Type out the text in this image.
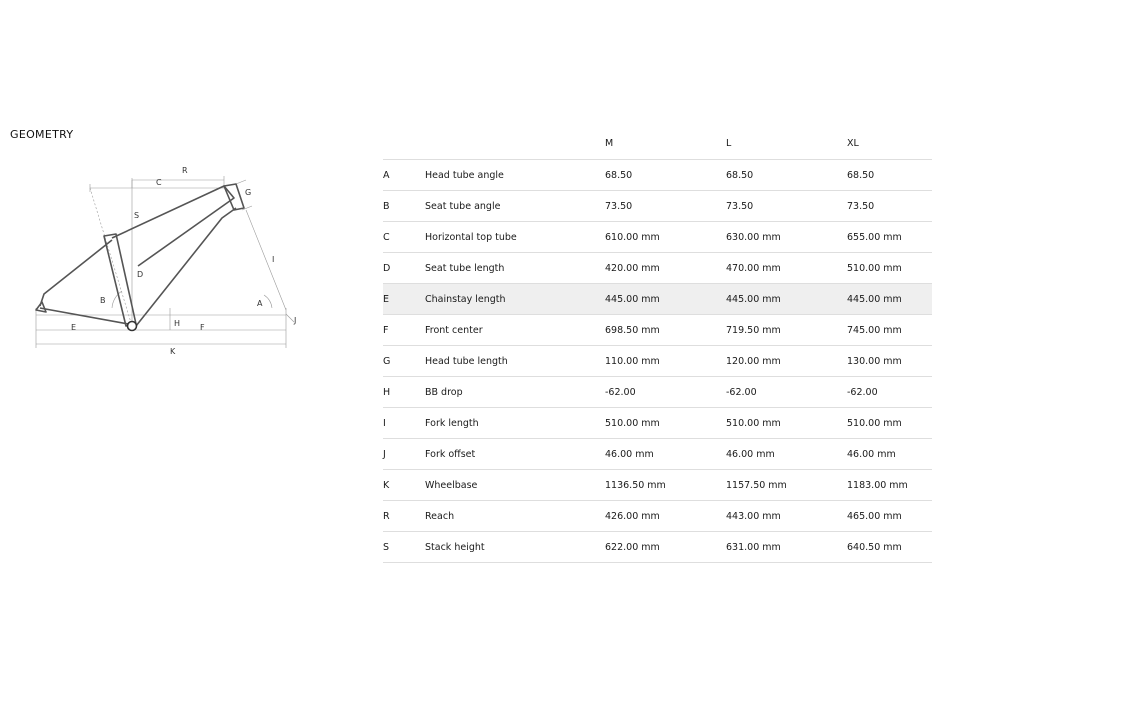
GEOMETRY
R
C
G
S
D
B
I
A
J
E	H F
K
		M	L	XL
A	Head tube angle	68.50	68.50	68.50
B	Seat tube angle	73.50	73.50	73.50
C	Horizontal top tube	610.00 mm	630.00 mm	655.00 mm
D	Seat tube length	420.00 mm	470.00 mm	510.00 mm
E	Chainstay length	445.00 mm	445.00 mm	445.00 mm
F	Front center	698.50 mm	719.50 mm	745.00 mm
G	Head tube length	110.00 mm	120.00 mm	130.00 mm
H	BB drop	-62.00	-62.00	-62.00
I	Fork length	510.00 mm	510.00 mm	510.00 mm
J	Fork offset	46.00 mm	46.00 mm	46.00 mm
K	Wheelbase	1136.50 mm	1157.50 mm	1183.00 mm
R	Reach	426.00 mm	443.00 mm	465.00 mm
S	Stack height	622.00 mm	631.00 mm	640.50 mm
